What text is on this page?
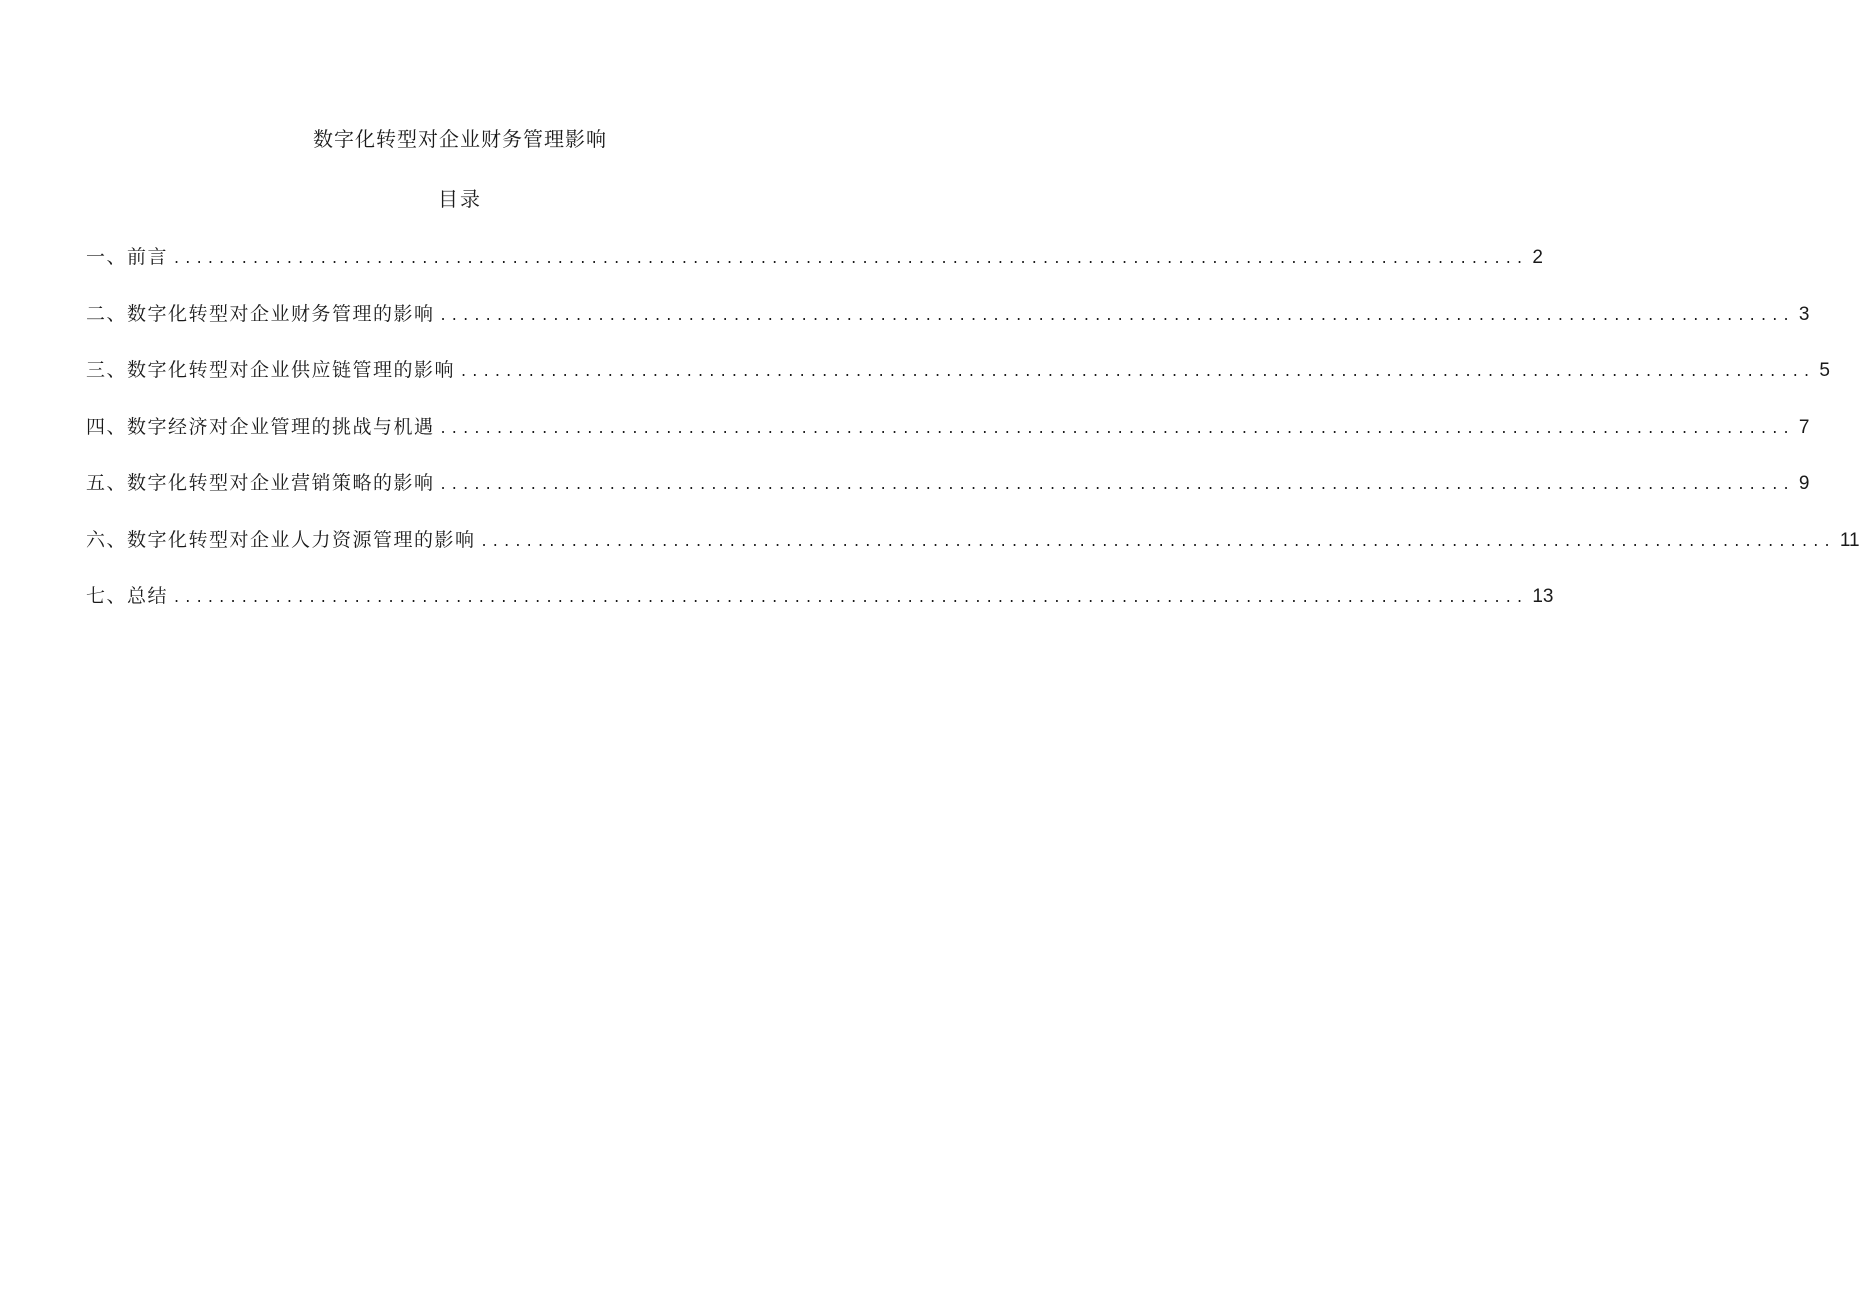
数字化转型对企业财务管理影响
目录
一、前言 ........................................................................................................................ 2
二、数字化转型对企业财务管理的影响 ........................................................................................................................ 3
三、数字化转型对企业供应链管理的影响 ........................................................................................................................ 5
四、数字经济对企业管理的挑战与机遇 ........................................................................................................................ 7
五、数字化转型对企业营销策略的影响 ........................................................................................................................ 9
六、数字化转型对企业人力资源管理的影响 ........................................................................................................................ 11
七、总结 ........................................................................................................................ 13
